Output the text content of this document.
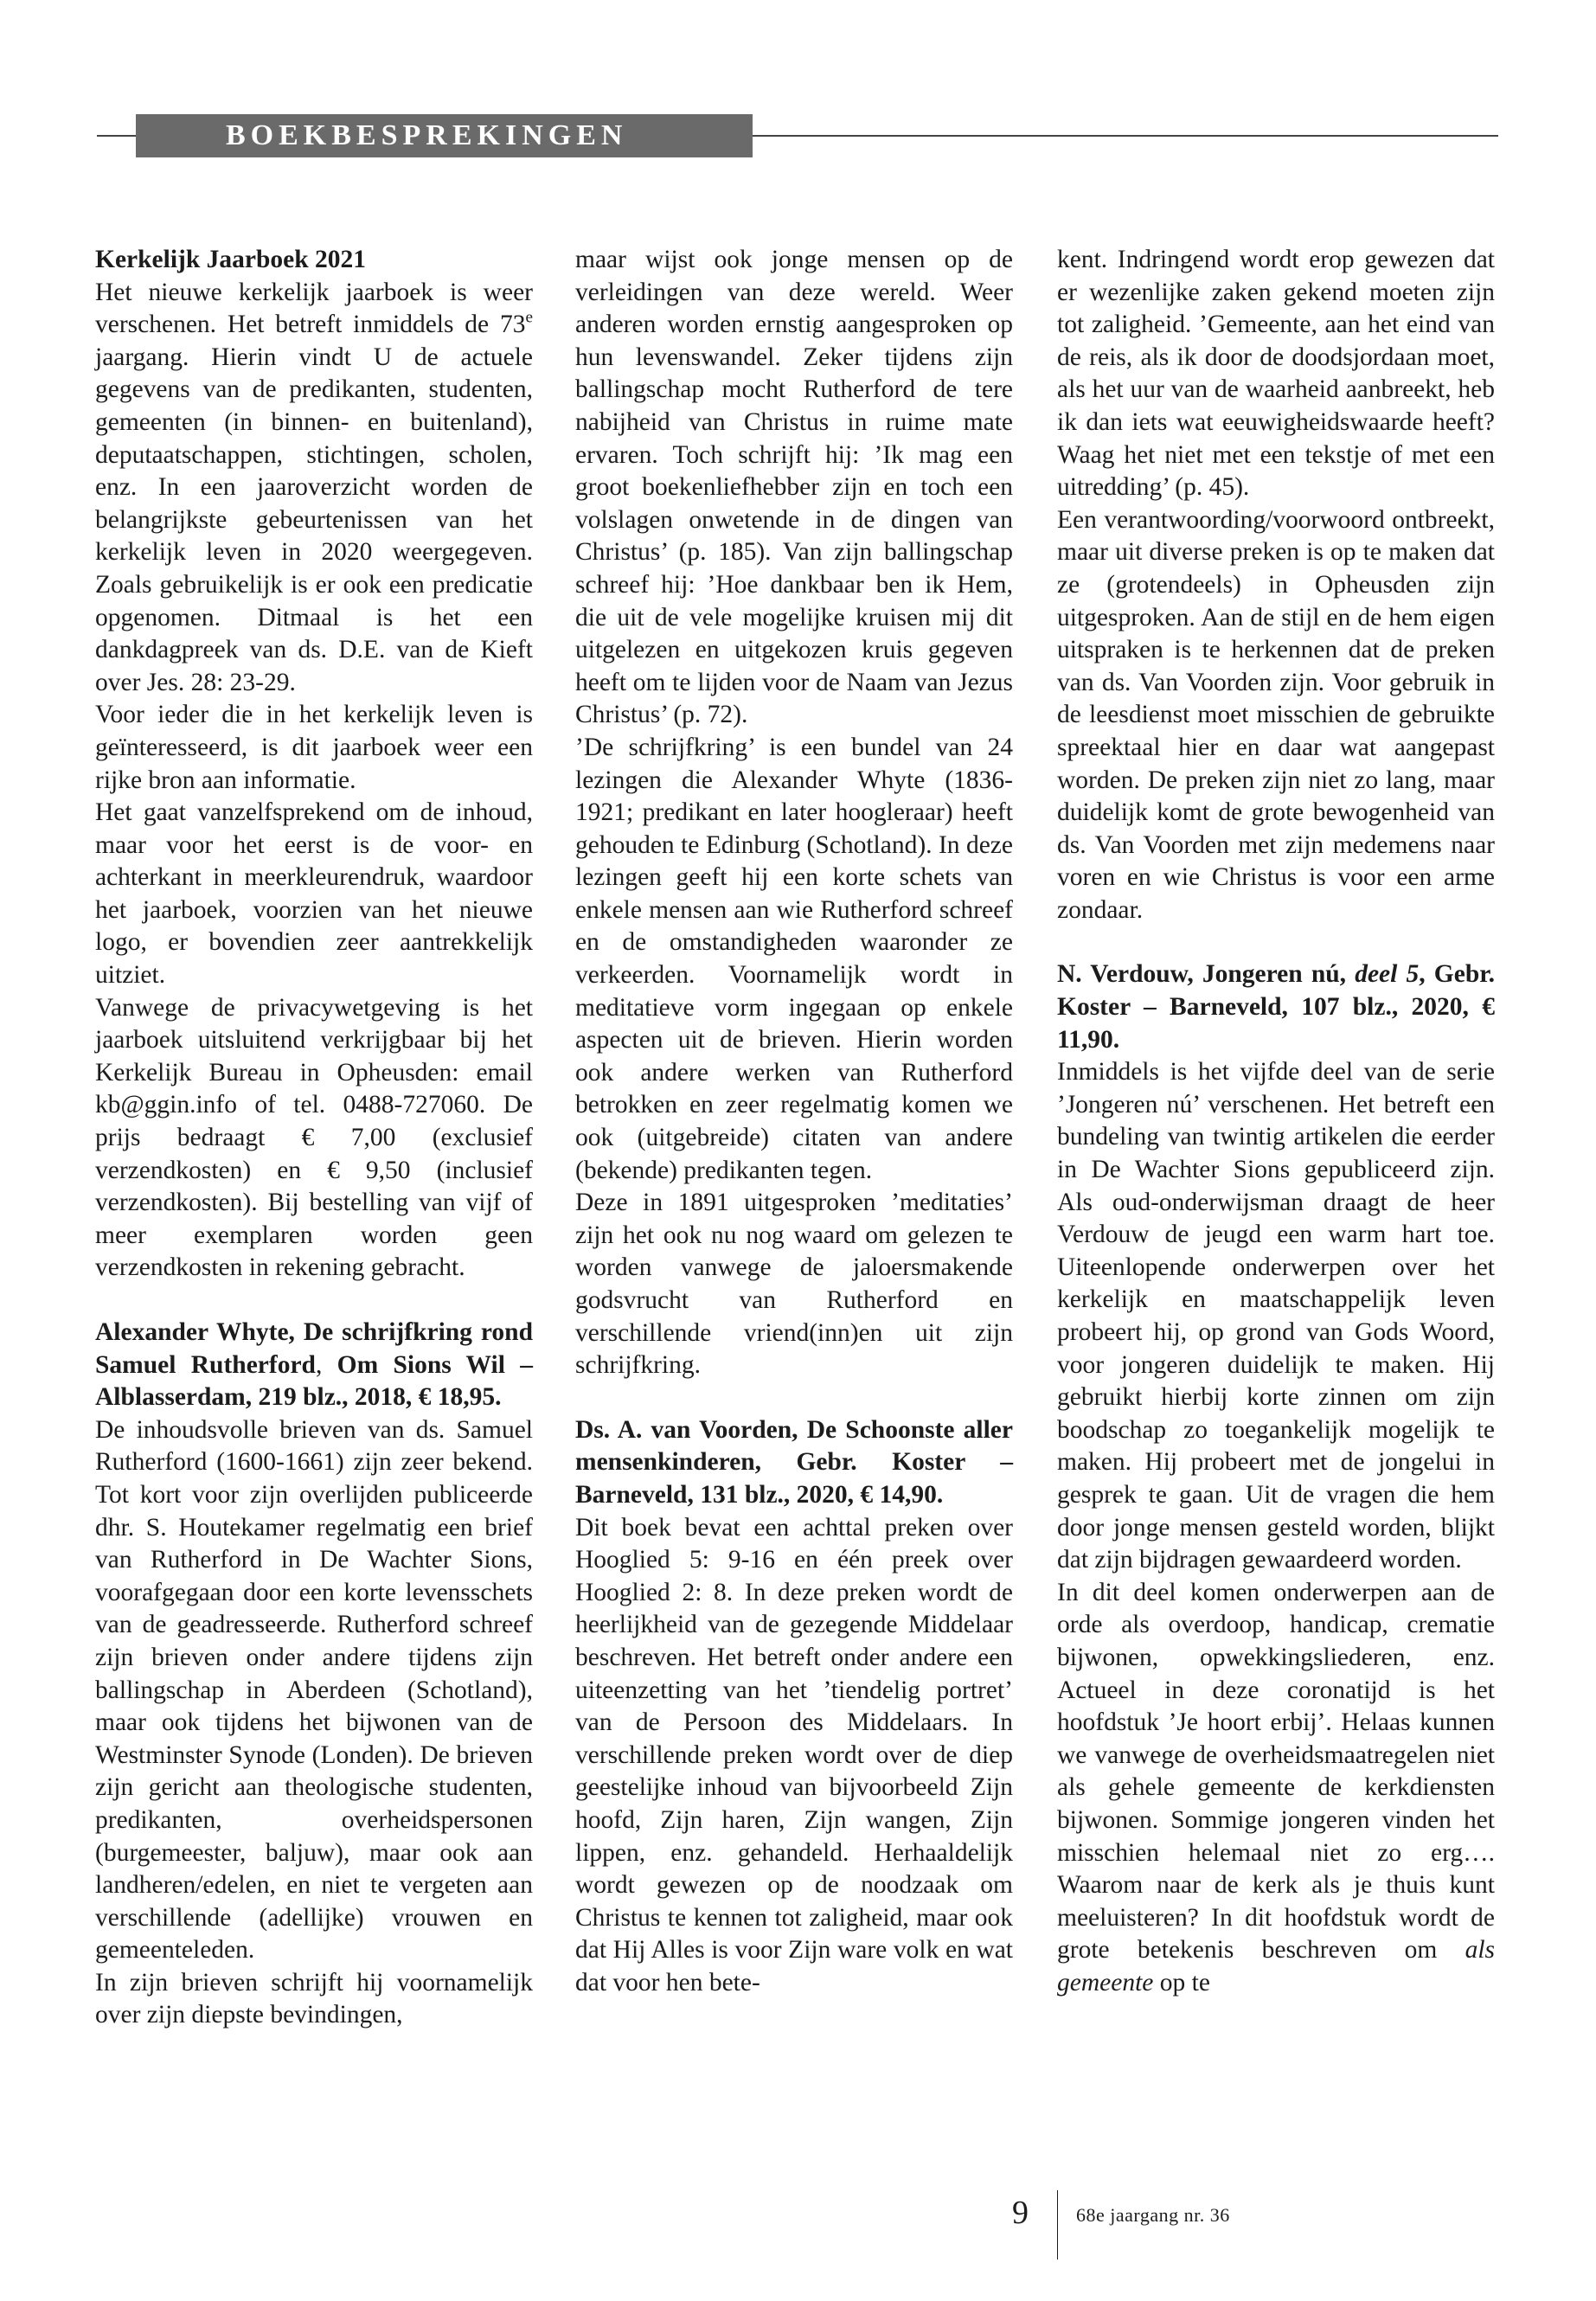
BOEKBESPREKINGEN

Kerkelijk Jaarboek 2021

Het nieuwe kerkelijk jaarboek is weer verschenen. Het betreft inmiddels de 73e jaargang. Hierin vindt U de actuele gegevens van de predikanten, studenten, gemeenten (in binnen- en buitenland), deputaatschappen, stichtingen, scholen, enz. In een jaaroverzicht worden de belangrijkste gebeurtenissen van het kerkelijk leven in 2020 weergegeven. Zoals gebruikelijk is er ook een predicatie opgenomen. Ditmaal is het een dankdagpreek van ds. D.E. van de Kieft over Jes. 28: 23-29.

Voor ieder die in het kerkelijk leven is geïnteresseerd, is dit jaarboek weer een rijke bron aan informatie.

Het gaat vanzelfsprekend om de inhoud, maar voor het eerst is de voor- en achterkant in meerkleurendruk, waardoor het jaarboek, voorzien van het nieuwe logo, er bovendien zeer aantrekkelijk uitziet.

Vanwege de privacywetgeving is het jaarboek uitsluitend verkrijgbaar bij het Kerkelijk Bureau in Opheusden: email kb@ggin.info of tel. 0488-727060. De prijs bedraagt € 7,00 (exclusief verzendkosten) en € 9,50 (inclusief verzendkosten). Bij bestelling van vijf of meer exemplaren worden geen verzendkosten in rekening gebracht.

Alexander Whyte, De schrijfkring rond Samuel Rutherford, Om Sions Wil – Alblasserdam, 219 blz., 2018, € 18,95.

De inhoudsvolle brieven van ds. Samuel Rutherford (1600-1661) zijn zeer bekend. Tot kort voor zijn overlijden publiceerde dhr. S. Houtekamer regelmatig een brief van Rutherford in De Wachter Sions, voorafgegaan door een korte levensschets van de geadresseerde. Rutherford schreef zijn brieven onder andere tijdens zijn ballingschap in Aberdeen (Schotland), maar ook tijdens het bijwonen van de Westminster Synode (Londen). De brieven zijn gericht aan theologische studenten, predikanten, overheidspersonen (burgemeester, baljuw), maar ook aan landheren/edelen, en niet te vergeten aan verschillende (adellijke) vrouwen en gemeenteleden.

In zijn brieven schrijft hij voornamelijk over zijn diepste bevindingen,

maar wijst ook jonge mensen op de verleidingen van deze wereld. Weer anderen worden ernstig aangesproken op hun levenswandel. Zeker tijdens zijn ballingschap mocht Rutherford de tere nabijheid van Christus in ruime mate ervaren. Toch schrijft hij: ’Ik mag een groot boekenliefhebber zijn en toch een volslagen onwetende in de dingen van Christus’ (p. 185). Van zijn ballingschap schreef hij: ’Hoe dankbaar ben ik Hem, die uit de vele mogelijke kruisen mij dit uitgelezen en uitgekozen kruis gegeven heeft om te lijden voor de Naam van Jezus Christus’ (p. 72).

’De schrijfkring’ is een bundel van 24 lezingen die Alexander Whyte (1836-1921; predikant en later hoogleraar) heeft gehouden te Edinburg (Schotland). In deze lezingen geeft hij een korte schets van enkele mensen aan wie Rutherford schreef en de omstandigheden waaronder ze verkeerden. Voornamelijk wordt in meditatieve vorm ingegaan op enkele aspecten uit de brieven. Hierin worden ook andere werken van Rutherford betrokken en zeer regelmatig komen we ook (uitgebreide) citaten van andere (bekende) predikanten tegen.

Deze in 1891 uitgesproken ’meditaties’ zijn het ook nu nog waard om gelezen te worden vanwege de jaloersmakende godsvrucht van Rutherford en verschillende vriend(inn)en uit zijn schrijfkring.

Ds. A. van Voorden, De Schoonste aller mensenkinderen, Gebr. Koster – Barneveld, 131 blz., 2020, € 14,90.

Dit boek bevat een achttal preken over Hooglied 5: 9-16 en één preek over Hooglied 2: 8. In deze preken wordt de heerlijkheid van de gezegende Middelaar beschreven. Het betreft onder andere een uiteenzetting van het ’tiendelig portret’ van de Persoon des Middelaars. In verschillende preken wordt over de diep geestelijke inhoud van bijvoorbeeld Zijn hoofd, Zijn haren, Zijn wangen, Zijn lippen, enz. gehandeld. Herhaaldelijk wordt gewezen op de noodzaak om Christus te kennen tot zaligheid, maar ook dat Hij Alles is voor Zijn ware volk en wat dat voor hen bete-

kent. Indringend wordt erop gewezen dat er wezenlijke zaken gekend moeten zijn tot zaligheid. ’Gemeente, aan het eind van de reis, als ik door de doodsjordaan moet, als het uur van de waarheid aanbreekt, heb ik dan iets wat eeuwigheidswaarde heeft? Waag het niet met een tekstje of met een uitredding’ (p. 45).

Een verantwoording/voorwoord ontbreekt, maar uit diverse preken is op te maken dat ze (grotendeels) in Opheusden zijn uitgesproken. Aan de stijl en de hem eigen uitspraken is te herkennen dat de preken van ds. Van Voorden zijn. Voor gebruik in de leesdienst moet misschien de gebruikte spreektaal hier en daar wat aangepast worden. De preken zijn niet zo lang, maar duidelijk komt de grote bewogenheid van ds. Van Voorden met zijn medemens naar voren en wie Christus is voor een arme zondaar.

N. Verdouw, Jongeren nú, deel 5, Gebr. Koster – Barneveld, 107 blz., 2020, € 11,90.

Inmiddels is het vijfde deel van de serie ’Jongeren nú’ verschenen. Het betreft een bundeling van twintig artikelen die eerder in De Wachter Sions gepubliceerd zijn. Als oud-onderwijsman draagt de heer Verdouw de jeugd een warm hart toe. Uiteenlopende onderwerpen over het kerkelijk en maatschappelijk leven probeert hij, op grond van Gods Woord, voor jongeren duidelijk te maken. Hij gebruikt hierbij korte zinnen om zijn boodschap zo toegankelijk mogelijk te maken. Hij probeert met de jongelui in gesprek te gaan. Uit de vragen die hem door jonge mensen gesteld worden, blijkt dat zijn bijdragen gewaardeerd worden.

In dit deel komen onderwerpen aan de orde als overdoop, handicap, crematie bijwonen, opwekkingsliederen, enz. Actueel in deze coronatijd is het hoofdstuk ’Je hoort erbij’. Helaas kunnen we vanwege de overheidsmaatregelen niet als gehele gemeente de kerkdiensten bijwonen. Sommige jongeren vinden het misschien helemaal niet zo erg…. Waarom naar de kerk als je thuis kunt meeluisteren? In dit hoofdstuk wordt de grote betekenis beschreven om als gemeente op te

9	68e jaargang nr. 36
